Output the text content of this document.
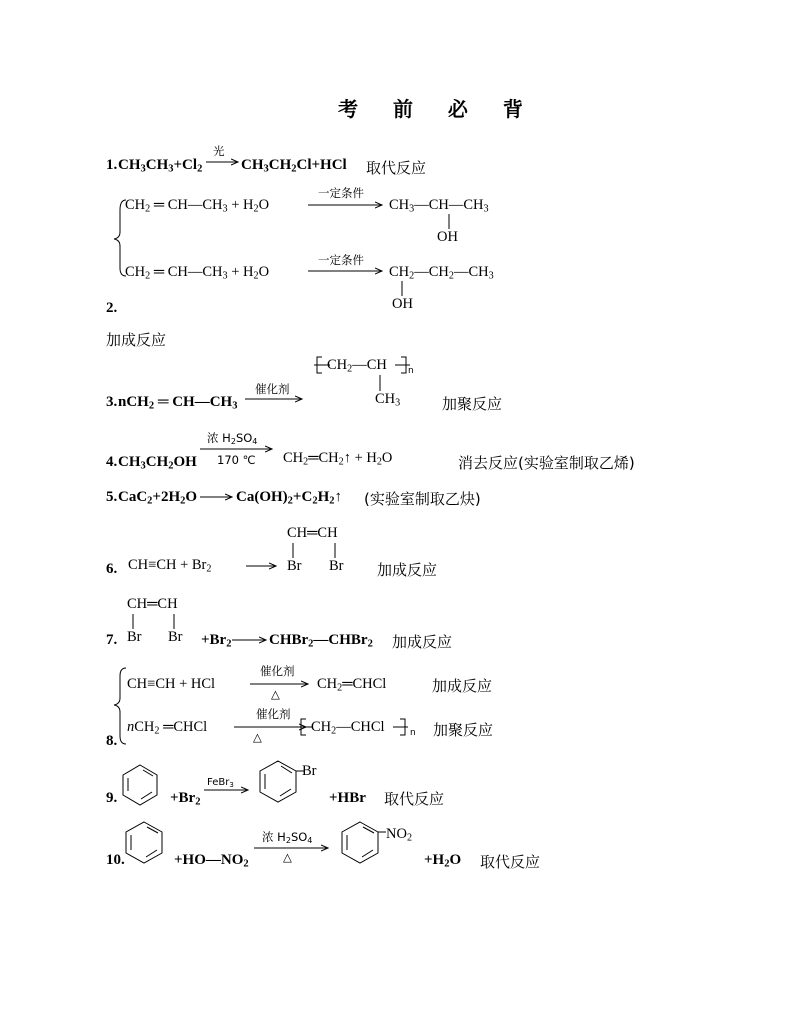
考 前 必 背
1. $CH_3CH_3+Cl_2$
光
$CH_3CH_2Cl+HCl$ 取代反应
$CH_2$ ═ $CH—CH_3 + H_2O$
一定条件
$CH_3—CH—CH_3$
OH
$CH_2$ ═ $CH—CH_3 + H_2O$
一定条件
$CH_2—CH_2—CH_3$
OH
2.
加成反应
3. nCH$_2$ ═ $CH—CH_3$
催化剂
$CH_2—CH$
$CH_3$
n
加聚反应
4. $CH_3CH_2OH$
浓 $H_2SO_4$
170 ℃ $CH_2═CH_2↑ + H_2O$	消去反应(实验室制取乙烯)
5. $CaC_2+2H_2O$	$Ca(OH)_2+C_2H_2↑$ (实验室制取乙炔)
6. $CH\equiv CH + Br_2$
CH═CH
Br Br 加成反应
CH═CH
Br Br
7.	$+Br_2$	CHBr$_2$—CHBr$_2$ 加成反应
CH≡CH + HCl
催化剂
△
$CH_2═CHCl$	加成反应
nCH$_2$ ═CHCl
催化剂
△
$CH_2—CHCl$	n 加聚反应
8.
9.	$+Br_2$
FeBr$_3$
Br
+HBr 取代反应
10.	$+HO—NO_2$
浓 $H_2SO_4$
△
$NO_2$
$+H_2O$ 取代反应
